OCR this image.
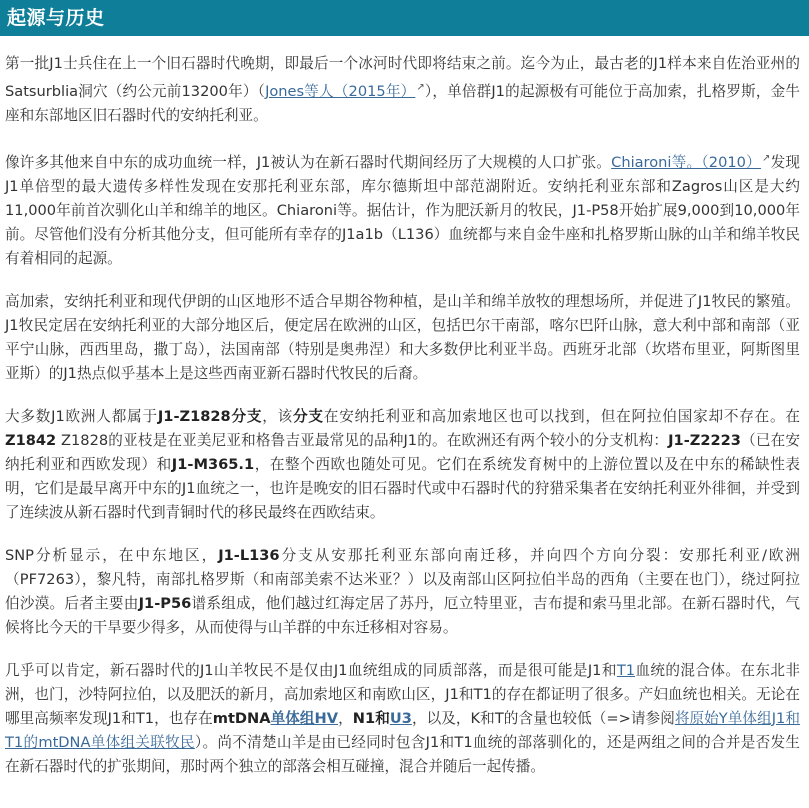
起源与历史

第一批J1士兵住在上一个旧石器时代晚期，即最后一个冰河时代即将结束之前。迄今为止，最古老的J1样本来自佐治亚州的Satsurblia洞穴（约公元前13200年）（Jones等人（2015年）↗），单倍群J1的起源极有可能位于高加索，扎格罗斯，金牛座和东部地区旧石器时代的安纳托利亚。

像许多其他来自中东的成功血统一样，J1被认为在新石器时代期间经历了大规模的人口扩张。Chiaroni等。（2010）↗发现J1单倍型的最大遗传多样性发现在安那托利亚东部，库尔德斯坦中部范湖附近。安纳托利亚东部和Zagros山区是大约11,000年前首次驯化山羊和绵羊的地区。Chiaroni等。据估计，作为肥沃新月的牧民，J1-P58开始扩展9,000到10,000年前。尽管他们没有分析其他分支，但可能所有幸存的J1a1b（L136）血统都与来自金牛座和扎格罗斯山脉的山羊和绵羊牧民有着相同的起源。

高加索，安纳托利亚和现代伊朗的山区地形不适合早期谷物种植，是山羊和绵羊放牧的理想场所，并促进了J1牧民的繁殖。J1牧民定居在安纳托利亚的大部分地区后，便定居在欧洲的山区，包括巴尔干南部，喀尔巴阡山脉，意大利中部和南部（亚平宁山脉，西西里岛，撒丁岛），法国南部（特别是奥弗涅）和大多数伊比利亚半岛。西班牙北部（坎塔布里亚，阿斯图里亚斯）的J1热点似乎基本上是这些西南亚新石器时代牧民的后裔。

大多数J1欧洲人都属于J1-Z1828分支，该分支在安纳托利亚和高加索地区也可以找到，但在阿拉伯国家却不存在。在Z1842 Z1828的亚枝是在亚美尼亚和格鲁吉亚最常见的品种J1的。在欧洲还有两个较小的分支机构：J1-Z2223（已在安纳托利亚和西欧发现）和J1-M365.1，在整个西欧也随处可见。它们在系统发育树中的上游位置以及在中东的稀缺性表明，它们是最早离开中东的J1血统之一，也许是晚安的旧石器时代或中石器时代的狩猎采集者在安纳托利亚外徘徊，并受到了连续波从新石器时代到青铜时代的移民最终在西欧结束。

SNP分析显示，在中东地区，J1-L136分支从安那托利亚东部向南迁移，并向四个方向分裂：安那托利亚/欧洲（PF7263），黎凡特，南部扎格罗斯（和南部美索不达米亚？）以及南部山区阿拉伯半岛的西角（主要在也门），绕过阿拉伯沙漠。后者主要由J1-P56谱系组成，他们越过红海定居了苏丹，厄立特里亚，吉布提和索马里北部。在新石器时代，气候将比今天的干旱要少得多，从而使得与山羊群的中东迁移相对容易。

几乎可以肯定，新石器时代的J1山羊牧民不是仅由J1血统组成的同质部落，而是很可能是J1和T1血统的混合体。在东北非洲，也门，沙特阿拉伯，以及肥沃的新月，高加索地区和南欧山区，J1和T1的存在都证明了很多。产妇血统也相关。无论在哪里高频率发现J1和T1，也存在mtDNA单体组HV，N1和U3，以及，K和T的含量也较低（=>请参阅将原始Y单体组J1和T1的mtDNA单体组关联牧民）。尚不清楚山羊是由已经同时包含J1和T1血统的部落驯化的，还是两组之间的合并是否发生在新石器时代的扩张期间，那时两个独立的部落会相互碰撞，混合并随后一起传播。
